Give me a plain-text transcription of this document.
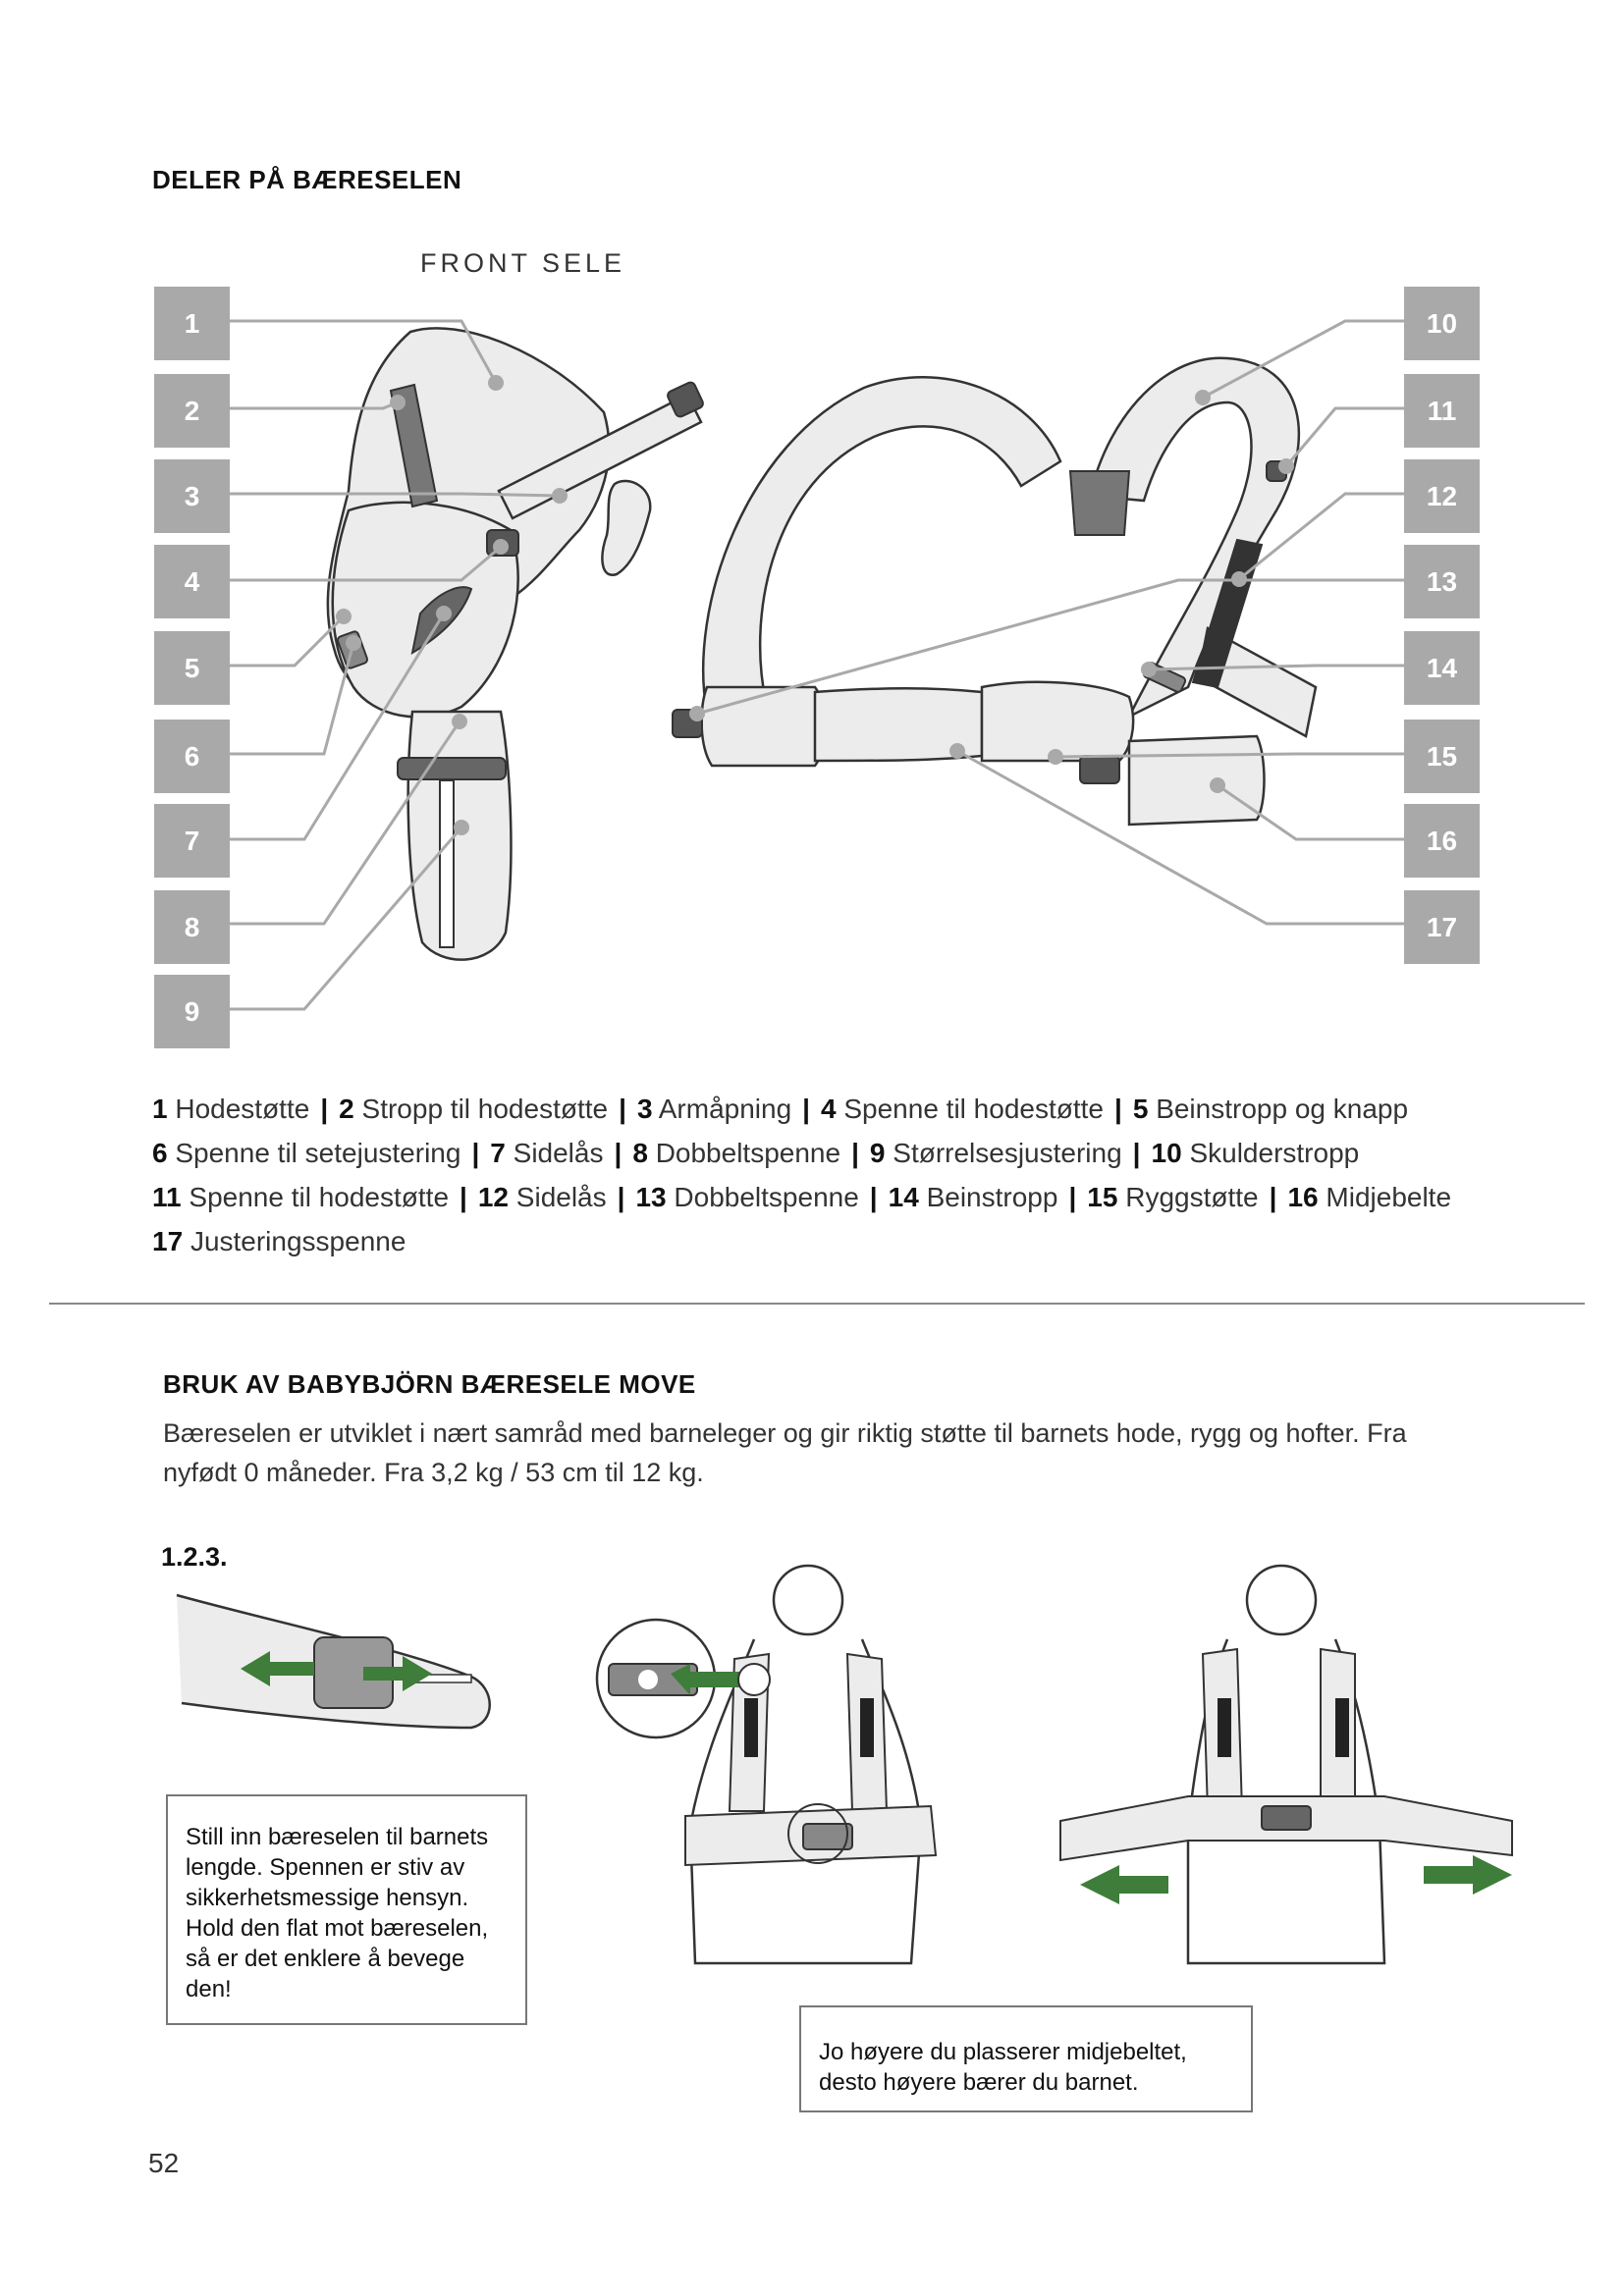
DELER PÅ BÆRESELEN
FRONT SELE
1
2
3
4
5
6
7
8
9
10
11
12
13
14
15
16
17
1 Hodestøtte | 2 Stropp til hodestøtte | 3 Armåpning | 4 Spenne til hodestøtte | 5 Beinstropp og knapp
6 Spenne til setejustering | 7 Sidelås | 8 Dobbeltspenne | 9 Størrelsesjustering | 10 Skulderstropp
11 Spenne til hodestøtte | 12 Sidelås | 13 Dobbeltspenne | 14 Beinstropp | 15 Ryggstøtte | 16 Midjebelte
17 Justeringsspenne
BRUK AV BABYBJÖRN BÆRESELE MOVE
Bæreselen er utviklet i nært samråd med barneleger og gir riktig støtte til barnets hode, rygg og hofter. Fra
nyfødt 0 måneder. Fra 3,2 kg / 53 cm til 12 kg.
1.2.3.
Still inn bæreselen til barnets
lengde. Spennen er stiv av
sikkerhetsmessige hensyn.
Hold den flat mot bæreselen,
så er det enklere å bevege
den!
Jo høyere du plasserer midjebeltet,
desto høyere bærer du barnet.
52
